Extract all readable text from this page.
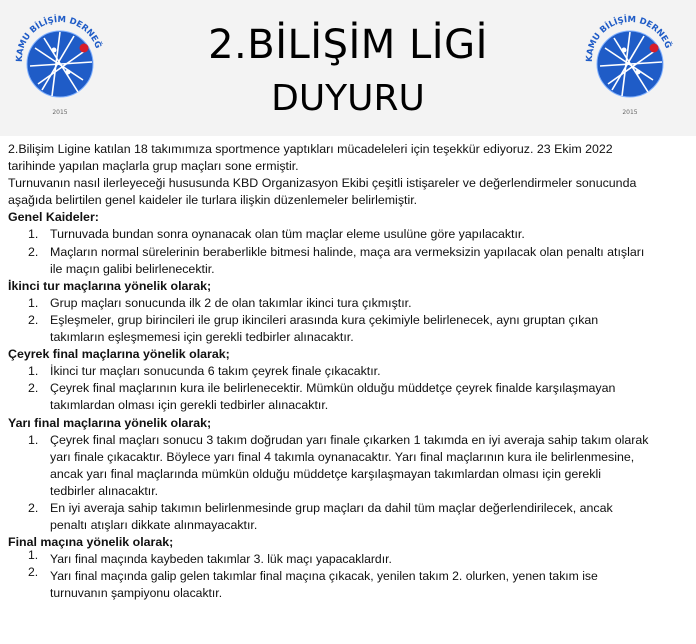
KAMU BİLİŞİM DERNEĞ
2015
2.BİLİŞİM LİGİ
DUYURU
KAMU BİLİŞİM DERNEĞ
2015

2.Bilişim Ligine katılan 18 takımımıza sportmence yaptıkları mücadeleleri için teşekkür ediyoruz. 23 Ekim 2022

tarihinde yapılan maçlarla grup maçları sone ermiştir.

Turnuvanın nasıl ilerleyeceği hususunda KBD Organizasyon Ekibi çeşitli istişareler ve değerlendirmeler sonucunda

aşağıda belirtilen genel kaideler ile turlara ilişkin düzenlemeler belirlemiştir.

Genel Kaideler:

1. Turnuvada bundan sonra oynanacak olan tüm maçlar eleme usulüne göre yapılacaktır.
2. Maçların normal sürelerinin beraberlikle bitmesi halinde, maça ara vermeksizin yapılacak olan penaltı atışları
ile maçın galibi belirlenecektir.

İkinci tur maçlarına yönelik olarak;

1. Grup maçları sonucunda ilk 2 de olan takımlar ikinci tura çıkmıştır.
2. Eşleşmeler, grup birincileri ile grup ikincileri arasında kura çekimiyle belirlenecek, aynı gruptan çıkan
takımların eşleşmemesi için gerekli tedbirler alınacaktır.

Çeyrek final maçlarına yönelik olarak;

1. İkinci tur maçları sonucunda 6 takım çeyrek finale çıkacaktır.
2. Çeyrek final maçlarının kura ile belirlenecektir. Mümkün olduğu müddetçe çeyrek finalde karşılaşmayan
takımlardan olması için gerekli tedbirler alınacaktır.

Yarı final maçlarına yönelik olarak;

1. Çeyrek final maçları sonucu 3 takım doğrudan yarı finale çıkarken 1 takımda en iyi averaja sahip takım olarak
yarı finale çıkacaktır. Böylece yarı final 4 takımla oynanacaktır. Yarı final maçlarının kura ile belirlenmesine,
ancak yarı final maçlarında mümkün olduğu müddetçe karşılaşmayan takımlardan olması için gerekli
tedbirler alınacaktır.
2. En iyi averaja sahip takımın belirlenmesinde grup maçları da dahil tüm maçlar değerlendirilecek, ancak
penaltı atışları dikkate alınmayacaktır.

Final maçına yönelik olarak;

1. Yarı final maçında kaybeden takımlar 3. lük maçı yapacaklardır.
2. Yarı final maçında galip gelen takımlar final maçına çıkacak, yenilen takım 2. olurken, yenen takım ise
turnuvanın şampiyonu olacaktır.
